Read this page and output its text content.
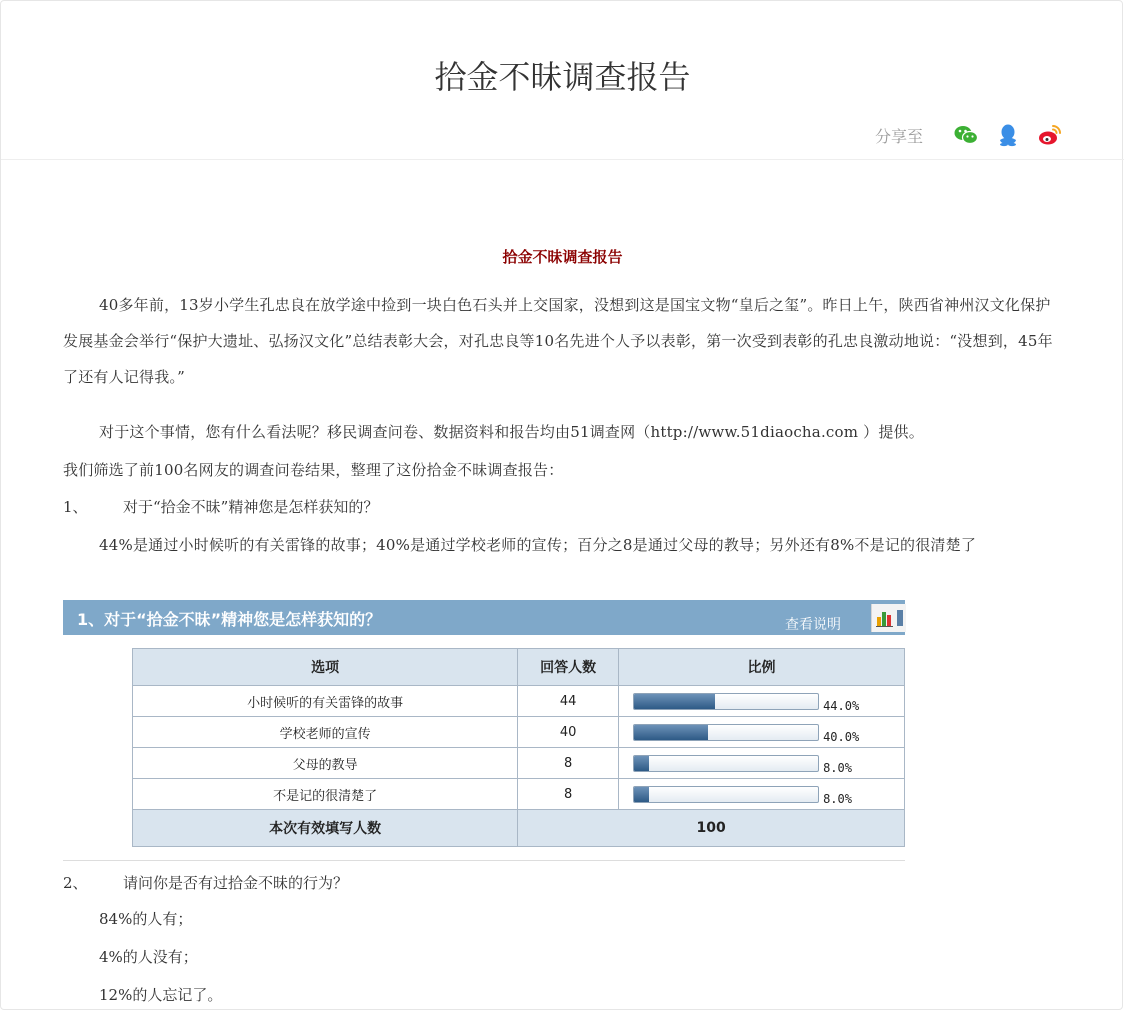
拾金不昧调查报告
分享至
拾金不昧调查报告
40多年前，13岁小学生孔忠良在放学途中捡到一块白色石头并上交国家，没想到这是国宝文物“皇后之玺”。昨日上午，陕西省神州汉文化保护发展基金会举行“保护大遗址、弘扬汉文化”总结表彰大会，对孔忠良等10名先进个人予以表彰，第一次受到表彰的孔忠良激动地说：“没想到，45年了还有人记得我。”
对于这个事情，您有什么看法呢？移民调查问卷、数据资料和报告均由51调查网（http://www.51diaocha.com ）提供。
我们筛选了前100名网友的调查问卷结果，整理了这份拾金不昧调查报告：
1、 对于“拾金不昧”精神您是怎样获知的？
44%是通过小时候听的有关雷锋的故事；40%是通过学校老师的宣传；百分之8是通过父母的教导；另外还有8%不是记的很清楚了
1、对于“拾金不昧”精神您是怎样获知的？	查看说明
选项	回答人数	比例
小时候听的有关雷锋的故事	44	44.0%

学校老师的宣传	40	40.0%

父母的教导	8	8.0%

不是记的很清楚了	8	8.0%

本次有效填写人数	100	
2、 请问你是否有过拾金不昧的行为？
84%的人有；
4%的人没有；
12%的人忘记了。
